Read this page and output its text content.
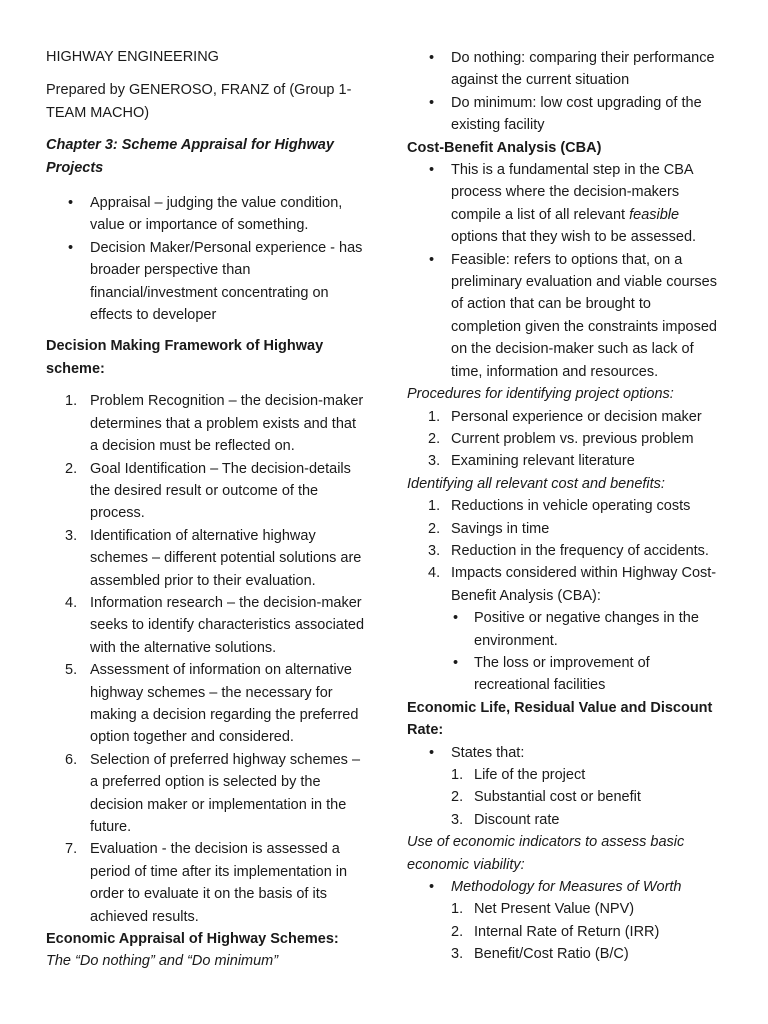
HIGHWAY ENGINEERING

Prepared by GENEROSO, FRANZ of (Group 1-TEAM MACHO)

Chapter 3: Scheme Appraisal for Highway Projects

• Appraisal – judging the value condition, value or importance of something.
• Decision Maker/Personal experience - has broader perspective than financial/investment concentrating on effects to developer

Decision Making Framework of Highway scheme:

1. Problem Recognition – the decision-maker determines that a problem exists and that a decision must be reflected on.
2. Goal Identification – The decision-details the desired result or outcome of the process.
3. Identification of alternative highway schemes – different potential solutions are assembled prior to their evaluation.
4. Information research – the decision-maker seeks to identify characteristics associated with the alternative solutions.
5. Assessment of information on alternative highway schemes – the necessary for making a decision regarding the preferred option together and considered.
6. Selection of preferred highway schemes – a preferred option is selected by the decision maker or implementation in the future.
7. Evaluation - the decision is assessed a period of time after its implementation in order to evaluate it on the basis of its achieved results.

Economic Appraisal of Highway Schemes:

The “Do nothing” and “Do minimum”

• Do nothing: comparing their performance against the current situation
• Do minimum: low cost upgrading of the existing facility

Cost-Benefit Analysis (CBA)

• This is a fundamental step in the CBA process where the decision-makers compile a list of all relevant feasible options that they wish to be assessed.
• Feasible: refers to options that, on a preliminary evaluation and viable courses of action that can be brought to completion given the constraints imposed on the decision-maker such as lack of time, information and resources.

Procedures for identifying project options:

1. Personal experience or decision maker
2. Current problem vs. previous problem
3. Examining relevant literature

Identifying all relevant cost and benefits:

1. Reductions in vehicle operating costs
2. Savings in time
3. Reduction in the frequency of accidents.
4. Impacts considered within Highway Cost-Benefit Analysis (CBA):
• Positive or negative changes in the environment.
• The loss or improvement of recreational facilities

Economic Life, Residual Value and Discount Rate:

• States that:
1. Life of the project
2. Substantial cost or benefit
3. Discount rate

Use of economic indicators to assess basic economic viability:

• Methodology for Measures of Worth
1. Net Present Value (NPV)
2. Internal Rate of Return (IRR)
3. Benefit/Cost Ratio (B/C)
